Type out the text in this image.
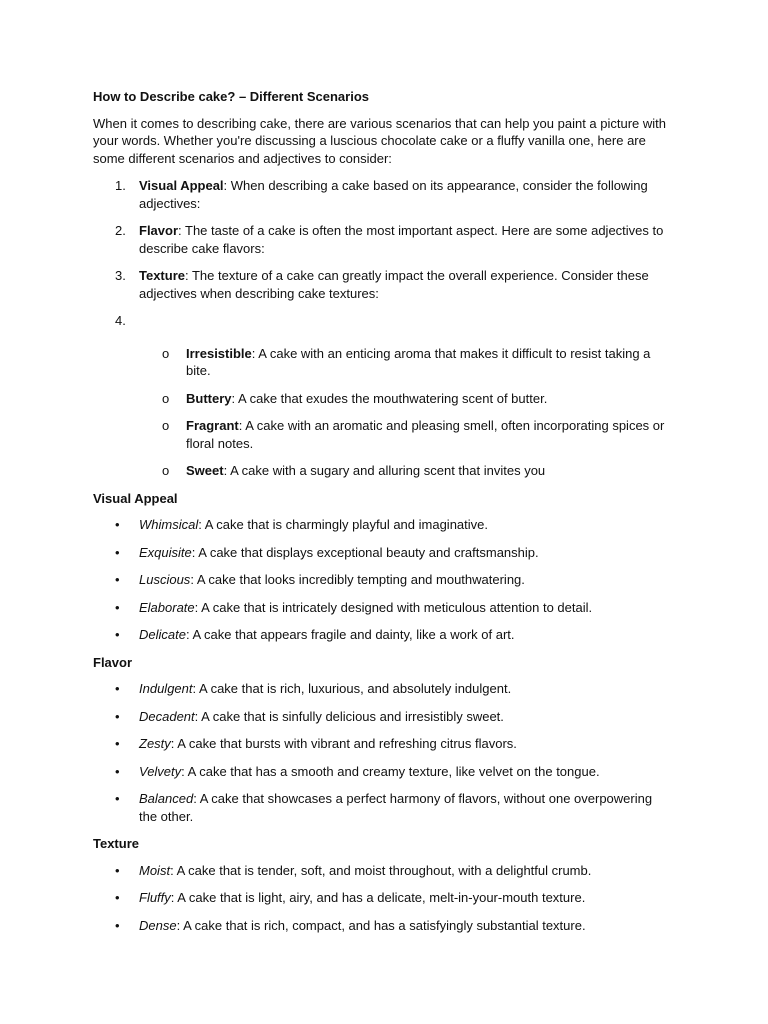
How to Describe cake? – Different Scenarios

When it comes to describing cake, there are various scenarios that can help you paint a picture with your words. Whether you're discussing a luscious chocolate cake or a fluffy vanilla one, here are some different scenarios and adjectives to consider:

1. Visual Appeal: When describing a cake based on its appearance, consider the following adjectives:
2. Flavor: The taste of a cake is often the most important aspect. Here are some adjectives to describe cake flavors:
3. Texture: The texture of a cake can greatly impact the overall experience. Consider these adjectives when describing cake textures:
4.
o Irresistible: A cake with an enticing aroma that makes it difficult to resist taking a bite.
o Buttery: A cake that exudes the mouthwatering scent of butter.
o Fragrant: A cake with an aromatic and pleasing smell, often incorporating spices or floral notes.
o Sweet: A cake with a sugary and alluring scent that invites you

Visual Appeal

• Whimsical: A cake that is charmingly playful and imaginative.
• Exquisite: A cake that displays exceptional beauty and craftsmanship.
• Luscious: A cake that looks incredibly tempting and mouthwatering.
• Elaborate: A cake that is intricately designed with meticulous attention to detail.
• Delicate: A cake that appears fragile and dainty, like a work of art.

Flavor

• Indulgent: A cake that is rich, luxurious, and absolutely indulgent.
• Decadent: A cake that is sinfully delicious and irresistibly sweet.
• Zesty: A cake that bursts with vibrant and refreshing citrus flavors.
• Velvety: A cake that has a smooth and creamy texture, like velvet on the tongue.
• Balanced: A cake that showcases a perfect harmony of flavors, without one overpowering the other.

Texture

• Moist: A cake that is tender, soft, and moist throughout, with a delightful crumb.
• Fluffy: A cake that is light, airy, and has a delicate, melt-in-your-mouth texture.
• Dense: A cake that is rich, compact, and has a satisfyingly substantial texture.
